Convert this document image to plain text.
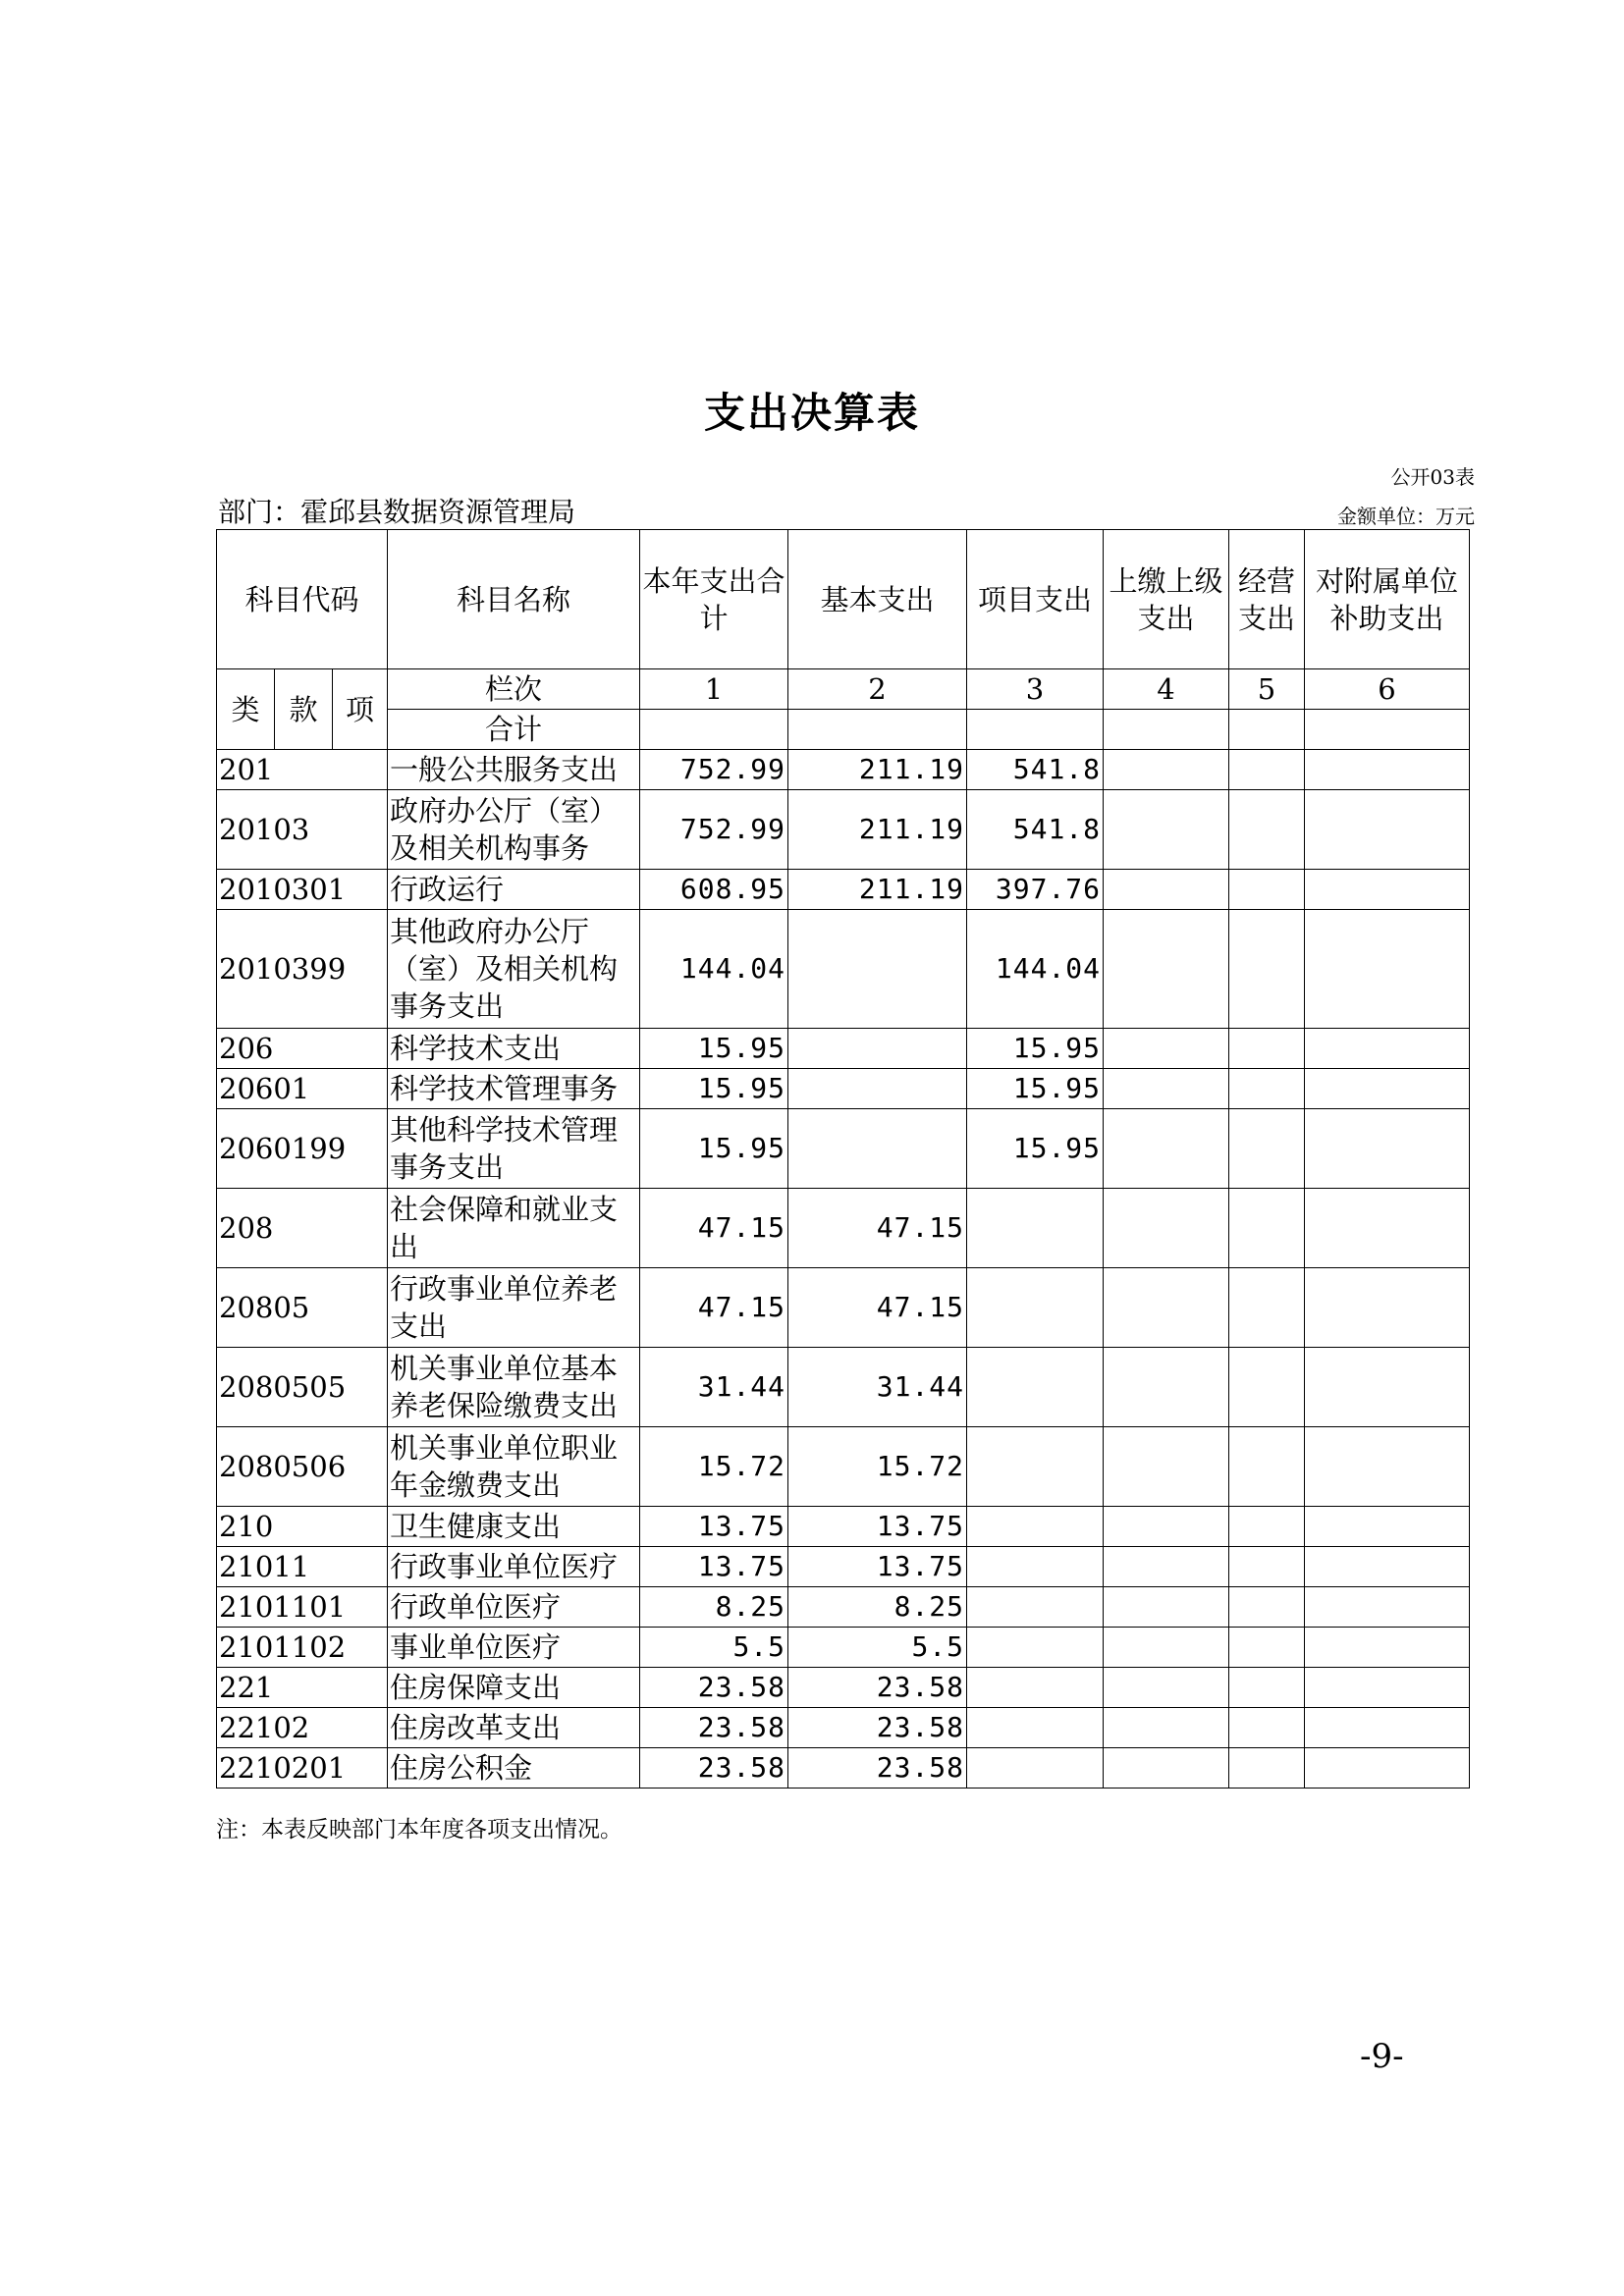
支出决算表
公开03表
部门：霍邱县数据资源管理局	金额单位：万元
科目代码			科目名称	本年支出合计	基本支出	项目支出	上缴上级支出	经营支出	对附属单位补助支出
类	款	项	栏次	1	2	3	4	5	6
			合计						
201			一般公共服务支出	752.99	211.19	541.8			
20103			政府办公厅（室）及相关机构事务	752.99	211.19	541.8			
2010301			行政运行	608.95	211.19	397.76			
2010399			其他政府办公厅（室）及相关机构事务支出	144.04		144.04			
206			科学技术支出	15.95		15.95			
20601			科学技术管理事务	15.95		15.95			
2060199			其他科学技术管理事务支出	15.95		15.95			
208			社会保障和就业支出	47.15	47.15				
20805			行政事业单位养老支出	47.15	47.15				
2080505			机关事业单位基本养老保险缴费支出	31.44	31.44				
2080506			机关事业单位职业年金缴费支出	15.72	15.72				
210			卫生健康支出	13.75	13.75				
21011			行政事业单位医疗	13.75	13.75				
2101101			行政单位医疗	8.25	8.25				
2101102			事业单位医疗	5.5	5.5				
221			住房保障支出	23.58	23.58				
22102			住房改革支出	23.58	23.58				
2210201			住房公积金	23.58	23.58				
注：本表反映部门本年度各项支出情况。
-9-
